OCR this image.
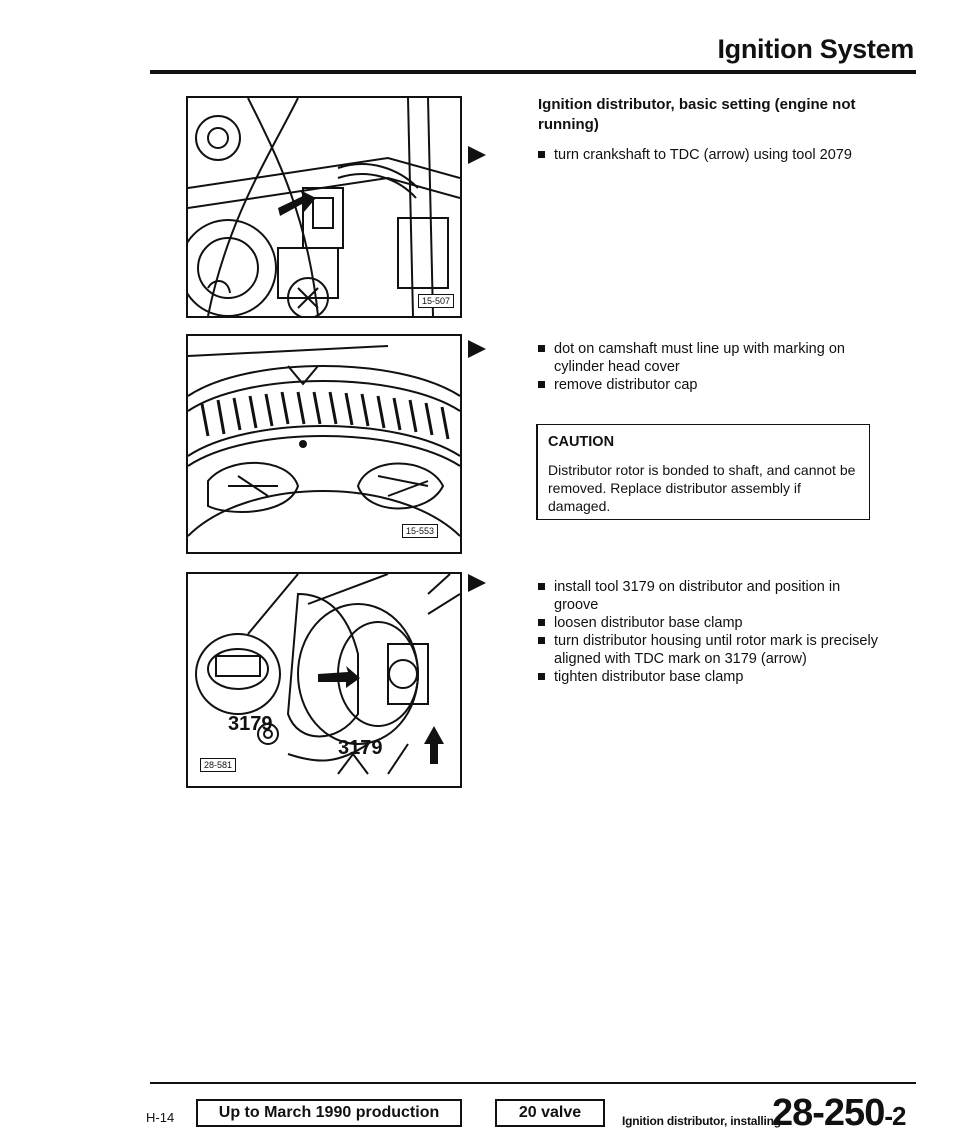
Ignition System
15-507
15-553
3179
3179
28-581
Ignition distributor, basic setting (engine not running)
turn crankshaft to TDC (arrow) using tool 2079
dot on camshaft must line up with marking on cylinder head cover
remove distributor cap
CAUTION
Distributor rotor is bonded to shaft, and cannot be removed. Replace distributor assembly if damaged.
install tool 3179 on distributor and position in groove
loosen distributor base clamp
turn distributor housing until rotor mark is precisely aligned with TDC mark on 3179 (arrow)
tighten distributor base clamp
H-14	Up to March 1990 production	20 valve	Ignition distributor, installing
28-250-2
